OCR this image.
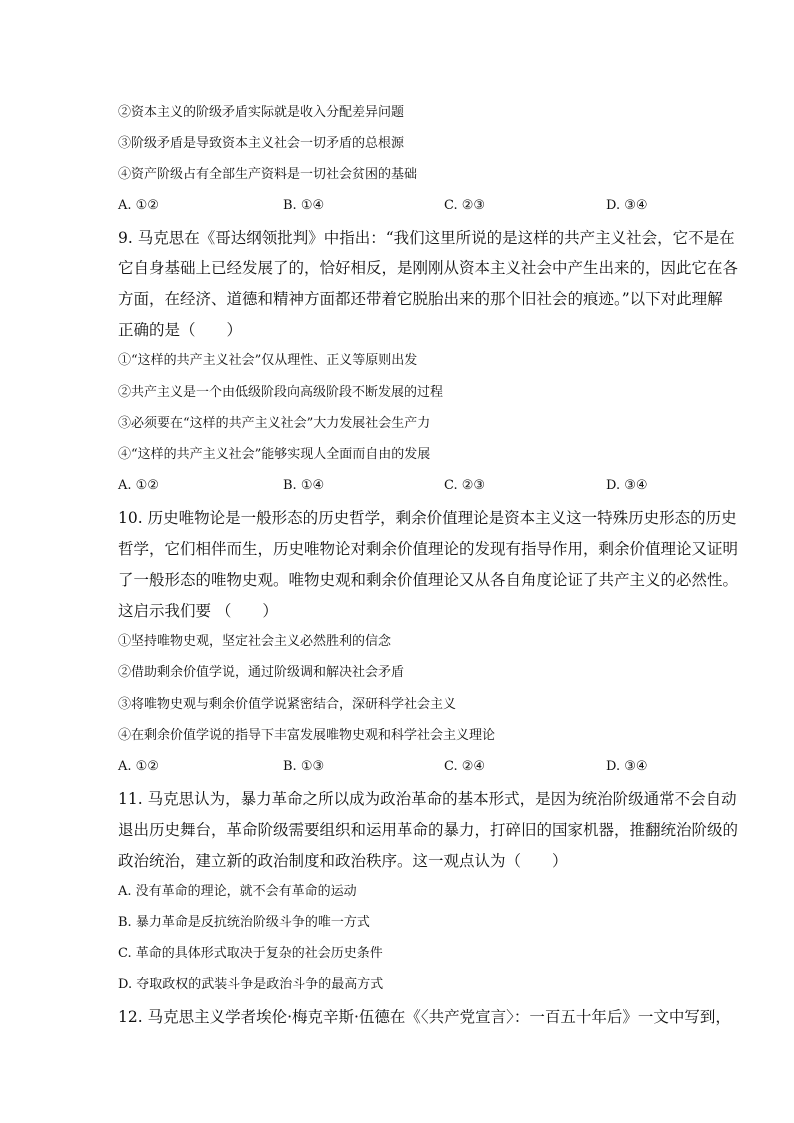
②资本主义的阶级矛盾实际就是收入分配差异问题
③阶级矛盾是导致资本主义社会一切矛盾的总根源
④资产阶级占有全部生产资料是一切社会贫困的基础
A. ①②	B. ①④	C. ②③	D. ③④
9. 马克思在《哥达纲领批判》中指出：“我们这里所说的是这样的共产主义社会，它不是在
它自身基础上已经发展了的，恰好相反，是刚刚从资本主义社会中产生出来的，因此它在各
方面，在经济、道德和精神方面都还带着它脱胎出来的那个旧社会的痕迹。”以下对此理解
正确的是（　　）
①“这样的共产主义社会”仅从理性、正义等原则出发
②共产主义是一个由低级阶段向高级阶段不断发展的过程
③必须要在“这样的共产主义社会”大力发展社会生产力
④“这样的共产主义社会”能够实现人全面而自由的发展
A. ①②	B. ①④	C. ②③	D. ③④
10. 历史唯物论是一般形态的历史哲学，剩余价值理论是资本主义这一特殊历史形态的历史
哲学，它们相伴而生，历史唯物论对剩余价值理论的发现有指导作用，剩余价值理论又证明
了一般形态的唯物史观。唯物史观和剩余价值理论又从各自角度论证了共产主义的必然性。
这启示我们要 （　　）
①坚持唯物史观，坚定社会主义必然胜利的信念
②借助剩余价值学说，通过阶级调和解决社会矛盾
③将唯物史观与剩余价值学说紧密结合，深研科学社会主义
④在剩余价值学说的指导下丰富发展唯物史观和科学社会主义理论
A. ①②	B. ①③	C. ②④	D. ③④
11. 马克思认为，暴力革命之所以成为政治革命的基本形式，是因为统治阶级通常不会自动
退出历史舞台，革命阶级需要组织和运用革命的暴力，打碎旧的国家机器，推翻统治阶级的
政治统治，建立新的政治制度和政治秩序。这一观点认为（　　）
A. 没有革命的理论，就不会有革命的运动
B. 暴力革命是反抗统治阶级斗争的唯一方式
C. 革命的具体形式取决于复杂的社会历史条件
D. 夺取政权的武装斗争是政治斗争的最高方式
12. 马克思主义学者埃伦·梅克辛斯·伍德在《〈共产党宣言〉：一百五十年后》一文中写到，
